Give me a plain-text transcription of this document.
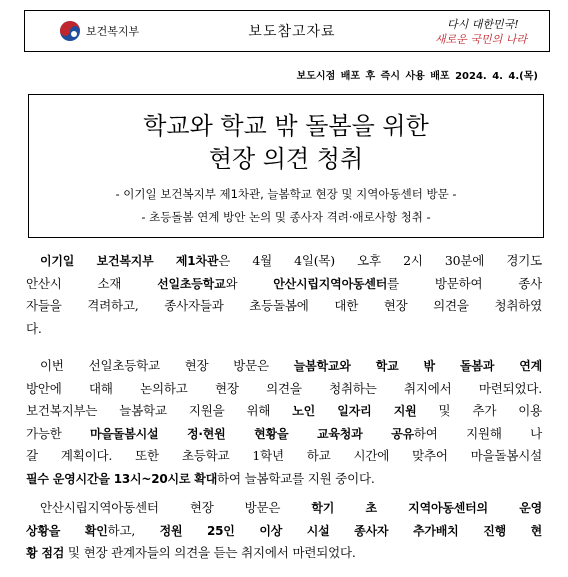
보건복지부	보도참고자료	다시 대한민국!
새로운 국민의 나라
보도시점 배포 후 즉시 사용 배포 2024. 4. 4.(목)
학교와 학교 밖 돌봄을 위한
현장 의견 청취
- 이기일 보건복지부 제1차관, 늘봄학교 현장 및 지역아동센터 방문 -
- 초등돌봄 연계 방안 논의 및 종사자 격려·애로사항 청취 -
이기일 보건복지부 제1차관은 4월 4일(목) 오후 2시 30분에 경기도
안산시 소재 선일초등학교와 안산시립지역아동센터를 방문하여 종사
자들을 격려하고, 종사자들과 초등돌봄에 대한 현장 의견을 청취하였
다.
이번 선일초등학교 현장 방문은 늘봄학교와 학교 밖 돌봄과 연계
방안에 대해 논의하고 현장 의견을 청취하는 취지에서 마련되었다.
보건복지부는 늘봄학교 지원을 위해 노인 일자리 지원 및 추가 이용
가능한 마을돌봄시설 정·현원 현황을 교육청과 공유하여 지원해 나
갈 계획이다. 또한 초등학교 1학년 하교 시간에 맞추어 마을돌봄시설
필수 운영시간을 13시~20시로 확대하여 늘봄학교를 지원 중이다.
안산시립지역아동센터 현장 방문은 학기 초 지역아동센터의 운영
상황을 확인하고, 정원 25인 이상 시설 종사자 추가배치 진행 현
황 점검 및 현장 관계자들의 의견을 듣는 취지에서 마련되었다.
